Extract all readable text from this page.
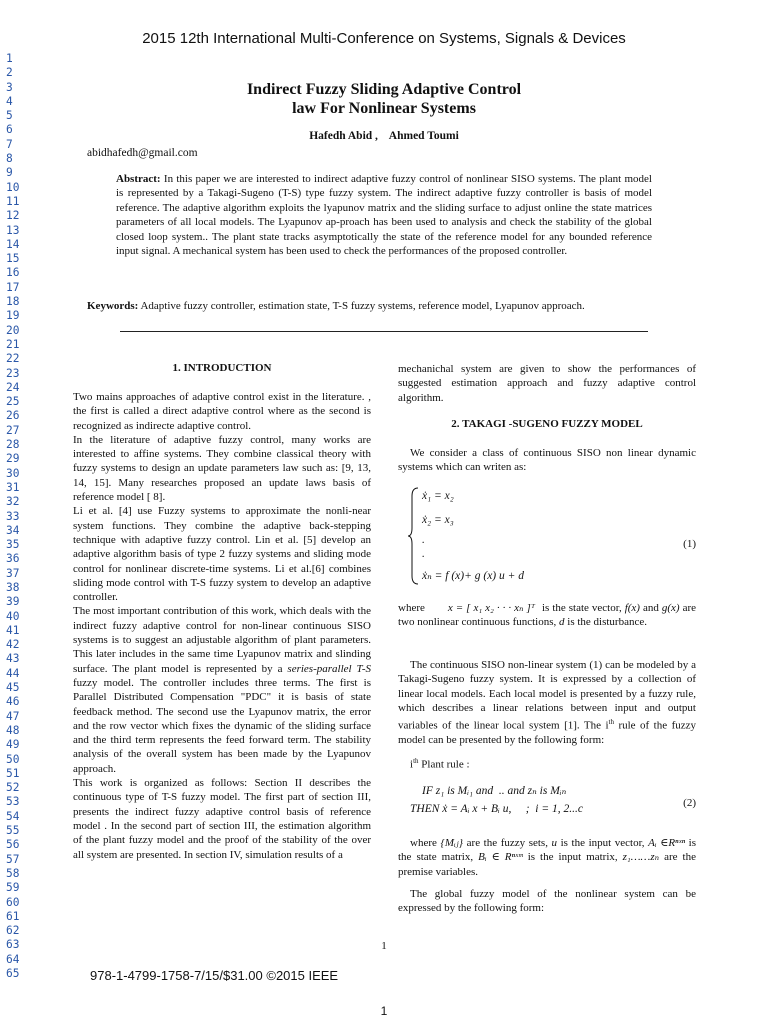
2015 12th International Multi-Conference on Systems, Signals & Devices
1
2
3
4
5
6
7
8
9
10
11
12
13
14
15
16
17
18
19
20
21
22
23
24
25
26
27
28
29
30
31
32
33
34
35
36
37
38
39
40
41
42
43
44
45
46
47
48
49
50
51
52
53
54
55
56
57
58
59
60
61
62
63
64
65
Indirect Fuzzy Sliding Adaptive Control
law For Nonlinear Systems
Hafedh Abid ,    Ahmed Toumi
abidhafedh@gmail.com
Abstract: In this paper we are interested to indirect adaptive fuzzy control of nonlinear SISO systems. The plant model is represented by a Takagi-Sugeno (T-S) type fuzzy system. The indirect adaptive fuzzy controller is basis of model reference. The adaptive algorithm exploits the lyapunov matrix and the sliding surface to adjust online the state matrices parameters of all local models. The Lyapunov ap-proach has been used to analysis and check the stability of the global closed loop system.. The plant state tracks asymptotically the state of the reference model for any bounded reference input signal. A mechanical system has been used to check the performances of the proposed controller.
Keywords: Adaptive fuzzy controller, estimation state, T-S fuzzy systems, reference model, Lyapunov approach.
1. INTRODUCTION

Two mains approaches of adaptive control exist in the literature. , the first is called a direct adaptive control where as the second is recognized as indirecte adaptive control.

In the literature of adaptive fuzzy control, many works are interested to affine systems. They combine classical theory with fuzzy systems to design an update parameters law such as: [9, 13, 14, 15]. Many researches proposed an update laws basis of reference model [ 8].

Li et al. [4] use Fuzzy systems to approximate the nonli-near system functions. They combine the adaptive back-stepping technique with adaptive fuzzy control. Lin et al. [5] develop an adaptive algorithm basis of type 2 fuzzy systems and sliding mode control for nonlinear discrete-time systems. Li et al.[6] combines sliding mode control with T-S fuzzy system to develop an adaptive controller.

The most important contribution of this work, which deals with the indirect fuzzy adaptive control for non-linear continuous SISO systems is to suggest an adjustable algorithm of plant parameters. This later includes in the same time Lyapunov matrix and slinding surface. The plant model is represented by a series-parallel T-S fuzzy model. The controller includes three terms. The first is Parallel Distributed Compensation "PDC" it is basis of state feedback method. The second use the Lyapunov matrix, the error and the row vector which fixes the dynamic of the sliding surface and the third term represents the feed forward term. The stability analysis of the overall system has been made by the Lyapunov approach.

This work is organized as follows: Section II describes the continuous type of T-S fuzzy model. The first part of section III, presents the indirect fuzzy adaptive control basis of reference model . In the second part of section III, the estimation algorithm of the plant fuzzy model and the proof of the stability of the over all system are presented. In section IV, simulation results of a

mechanichal system are given to show the performances of suggested estimation approach and fuzzy adaptive control algorithm.
2. TAKAGI -SUGENO FUZZY MODEL
We consider a class of continuous SISO non linear dynamic systems which can writen as:
ẋ₁ = x₂
ẋ₂ = x₃
.
.
ẋₙ = f (x)+ g (x) u + d
(1)
where x = [ x₁ x₂ · · · xₙ ]ᵀ is the state vector, f(x) and g(x) are two nonlinear continuous functions, d is the disturbance.
The continuous SISO non-linear system (1) can be modeled by a Takagi-Sugeno fuzzy system. It is expressed by a collection of linear local models. Each local model is presented by a fuzzy rule, which describes a linear relations between input and output variables of the linear local system [1]. The $i^{th}$ rule of the fuzzy model can be presented by the following form:
$i^{th}$ Plant rule :
IF z₁ is Mᵢ₁ and  .. and zₙ is Mᵢₙ
THEN ẋ = Aᵢ x + Bᵢ u,     ;  i = 1, 2...c	(2)
where {Mᵢⱼ} are the fuzzy sets, u is the input vector, Aᵢ ∈Rⁿˣⁿ is the state matrix, Bᵢ ∈ Rⁿˣᵐ is the input matrix, z₁……zₙ are the premise variables.
The global fuzzy model of the nonlinear system can be expressed by the following form:
1
978-1-4799-1758-7/15/$31.00 ©2015 IEEE
1
